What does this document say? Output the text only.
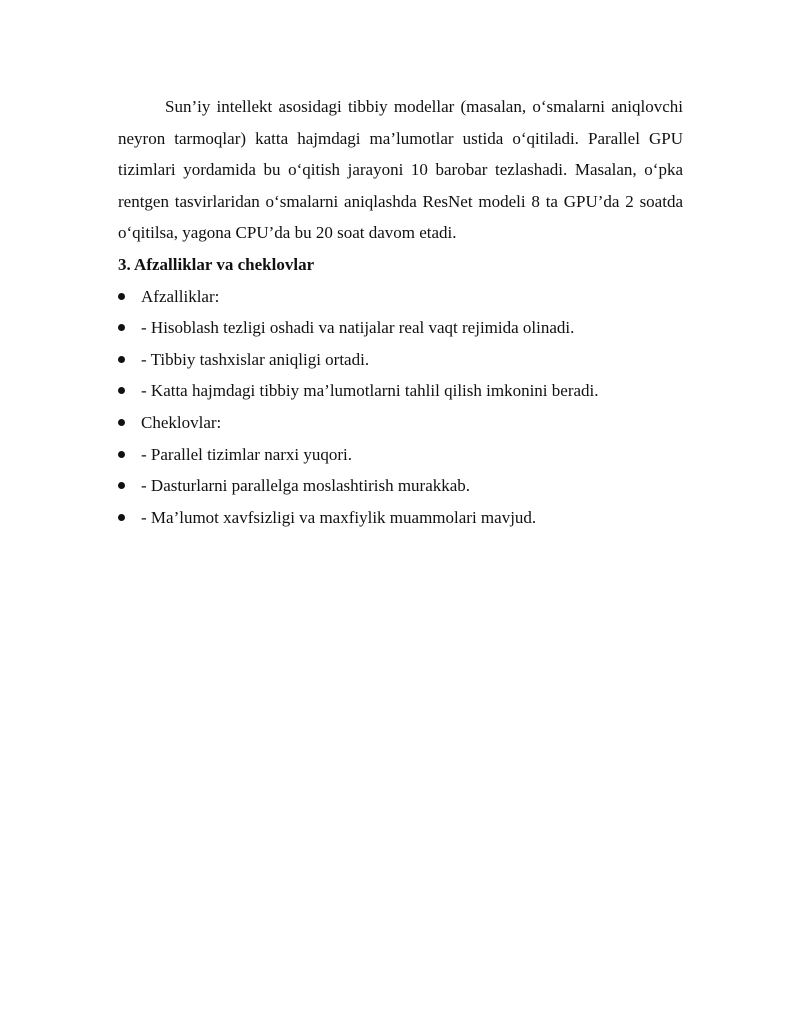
Sun’iy intellekt asosidagi tibbiy modellar (masalan, o‘smalarni aniqlovchi neyron tarmoqlar) katta hajmdagi ma’lumotlar ustida o‘qitiladi. Parallel GPU tizimlari yordamida bu o‘qitish jarayoni 10 barobar tezlashadi. Masalan, o‘pka rentgen tasvirlaridan o‘smalarni aniqlashda ResNet modeli 8 ta GPU’da 2 soatda o‘qitilsa, yagona CPU’da bu 20 soat davom etadi.

3. Afzalliklar va cheklovlar

Afzalliklar:
- Hisoblash tezligi oshadi va natijalar real vaqt rejimida olinadi.
- Tibbiy tashxislar aniqligi ortadi.
- Katta hajmdagi tibbiy ma’lumotlarni tahlil qilish imkonini beradi.
Cheklovlar:
- Parallel tizimlar narxi yuqori.
- Dasturlarni parallelga moslashtirish murakkab.
- Ma’lumot xavfsizligi va maxfiylik muammolari mavjud.
